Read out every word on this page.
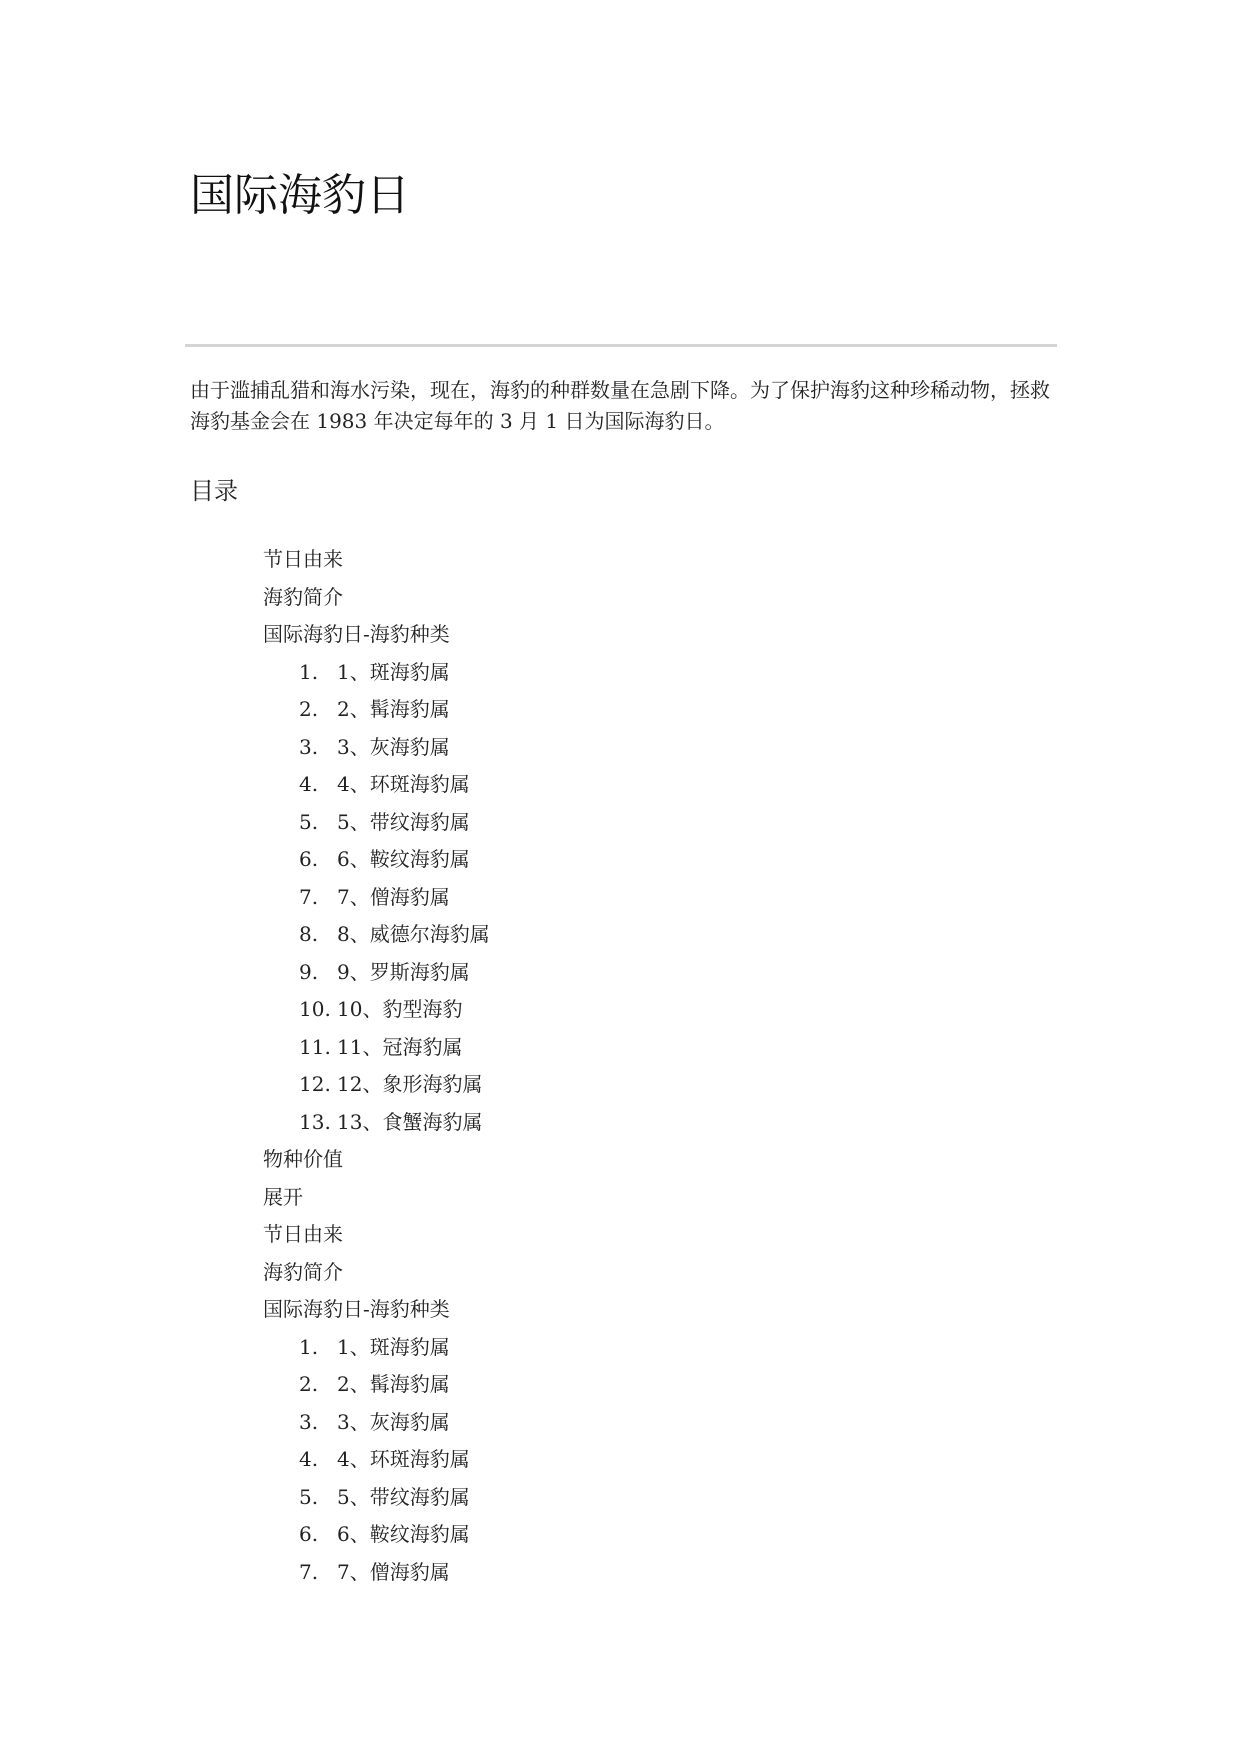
国际海豹日

由于滥捕乱猎和海水污染，现在，海豹的种群数量在急剧下降。为了保护海豹这种珍稀动物，拯救海豹基金会在 1983 年决定每年的 3 月 1 日为国际海豹日。

目录
节日由来
海豹简介
国际海豹日-海豹种类
1. 1、斑海豹属
2. 2、髯海豹属
3. 3、灰海豹属
4. 4、环斑海豹属
5. 5、带纹海豹属
6. 6、鞍纹海豹属
7. 7、僧海豹属
8. 8、威德尔海豹属
9. 9、罗斯海豹属
10. 10、豹型海豹
11. 11、冠海豹属
12. 12、象形海豹属
13. 13、食蟹海豹属
物种价值
展开
节日由来
海豹简介
国际海豹日-海豹种类
1. 1、斑海豹属
2. 2、髯海豹属
3. 3、灰海豹属
4. 4、环斑海豹属
5. 5、带纹海豹属
6. 6、鞍纹海豹属
7. 7、僧海豹属
